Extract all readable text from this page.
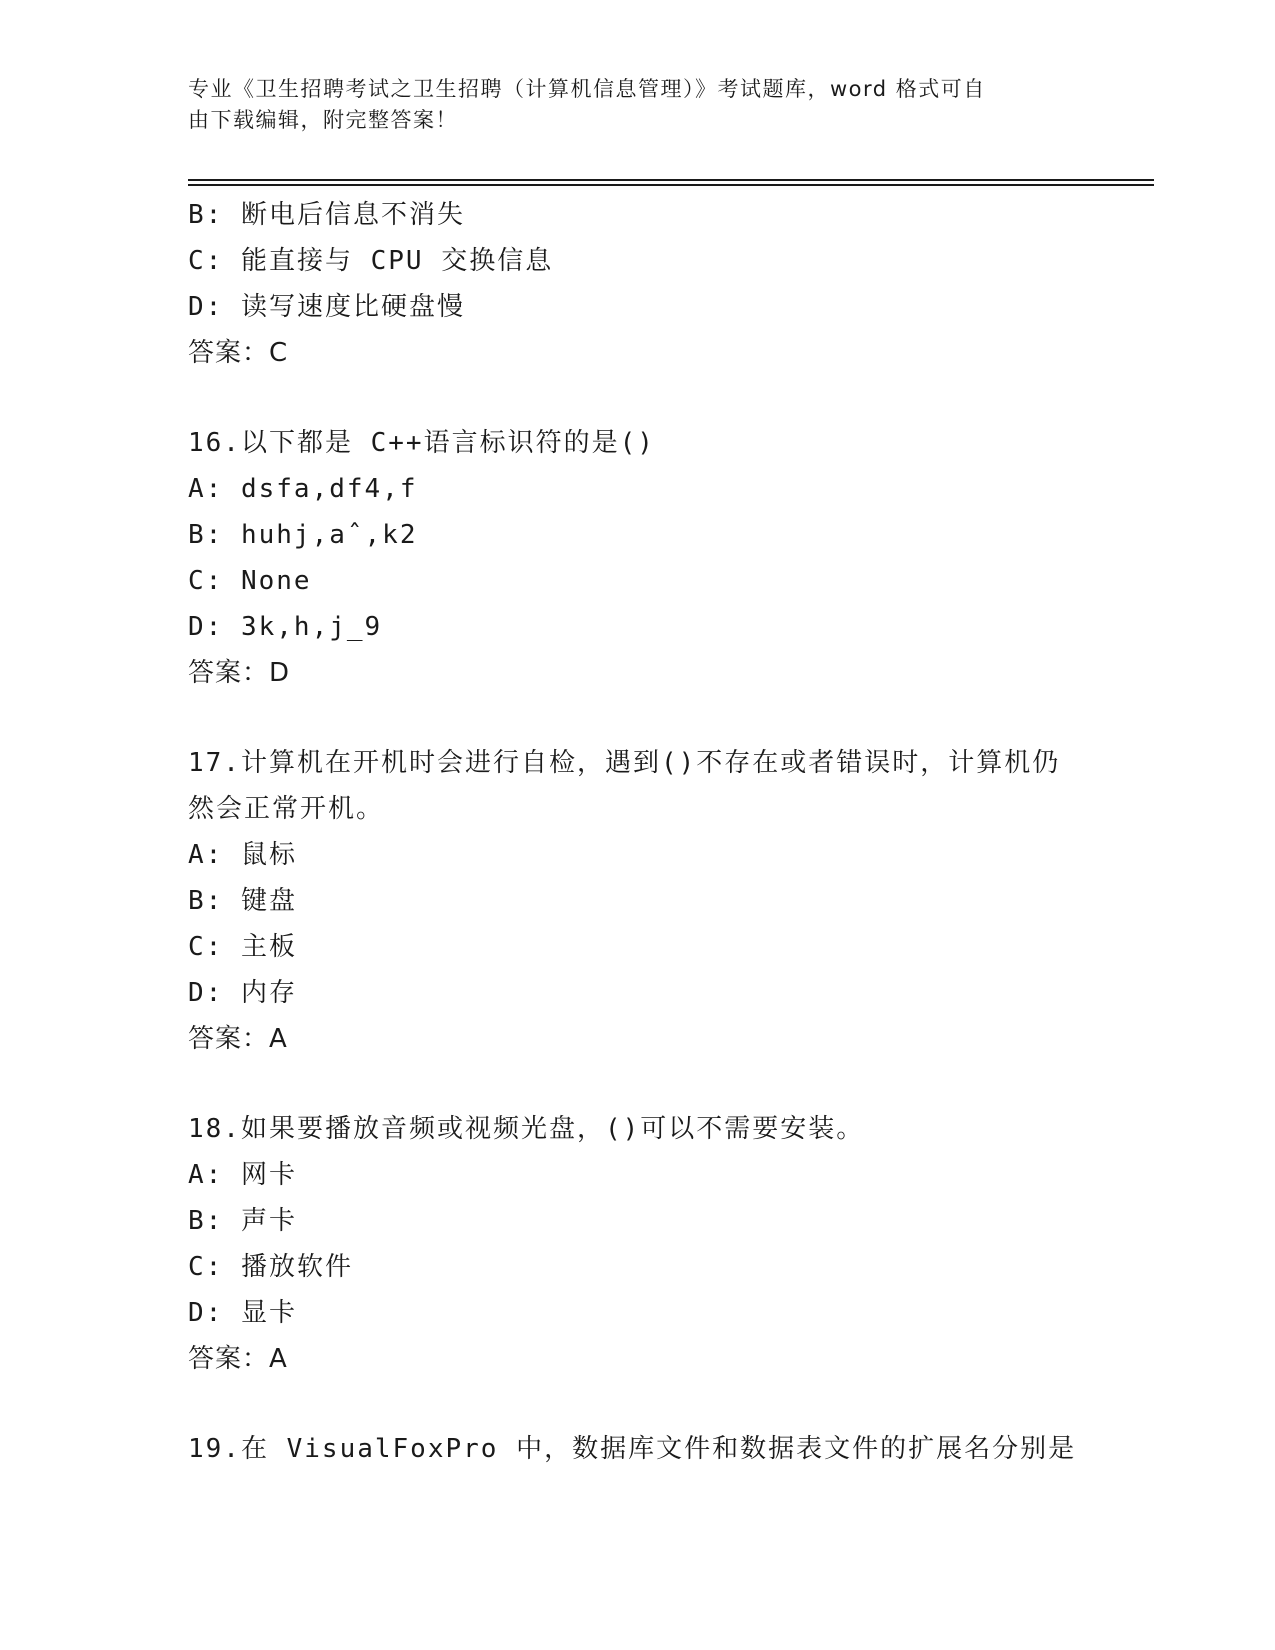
专业《卫生招聘考试之卫生招聘（计算机信息管理）》考试题库，word 格式可自
由下载编辑，附完整答案！
B: 断电后信息不消失
C: 能直接与 CPU 交换信息
D: 读写速度比硬盘慢
答案：C
16.以下都是 C++语言标识符的是()
A: dsfa,df4,f
B: huhj,aˆ,k2
C: None
D: 3k,h,j_9
答案：D
17.计算机在开机时会进行自检，遇到()不存在或者错误时，计算机仍
然会正常开机。
A: 鼠标
B: 键盘
C: 主板
D: 内存
答案：A
18.如果要播放音频或视频光盘，()可以不需要安装。
A: 网卡
B: 声卡
C: 播放软件
D: 显卡
答案：A
19.在 VisualFoxPro 中，数据库文件和数据表文件的扩展名分别是
